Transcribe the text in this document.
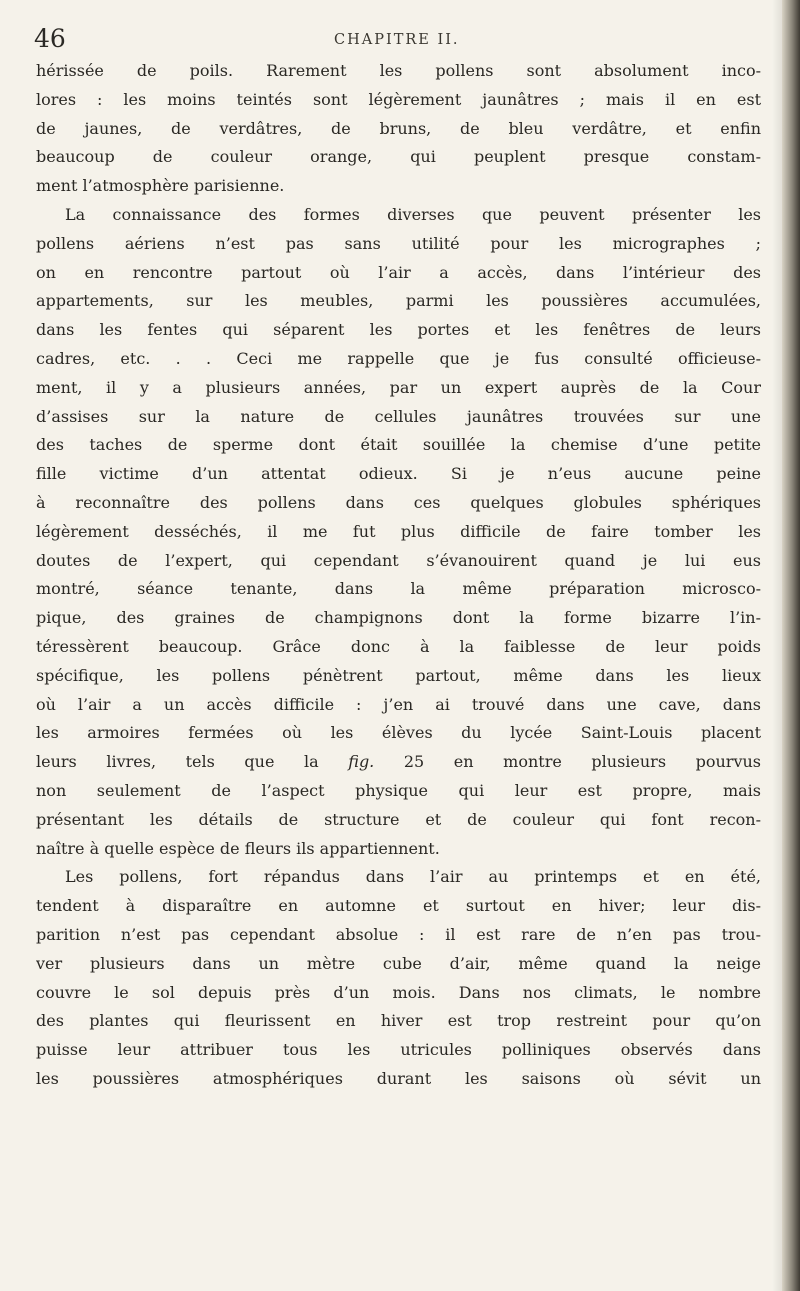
46	CHAPITRE II.
hérissée de poils. Rarement les pollens sont absolument inco-
lores : les moins teintés sont légèrement jaunâtres ; mais il en est
de jaunes, de verdâtres, de bruns, de bleu verdâtre, et enfin
beaucoup de couleur orange, qui peuplent presque constam-
ment l’atmosphère parisienne.
La connaissance des formes diverses que peuvent présenter les
pollens aériens n’est pas sans utilité pour les micrographes ;
on en rencontre partout où l’air a accès, dans l’intérieur des
appartements, sur les meubles, parmi les poussières accumulées,
dans les fentes qui séparent les portes et les fenêtres de leurs
cadres, etc. . . Ceci me rappelle que je fus consulté officieuse-
ment, il y a plusieurs années, par un expert auprès de la Cour
d’assises sur la nature de cellules jaunâtres trouvées sur une
des taches de sperme dont était souillée la chemise d’une petite
fille victime d’un attentat odieux. Si je n’eus aucune peine
à reconnaître des pollens dans ces quelques globules sphériques
légèrement desséchés, il me fut plus difficile de faire tomber les
doutes de l’expert, qui cependant s’évanouirent quand je lui eus
montré, séance tenante, dans la même préparation microsco-
pique, des graines de champignons dont la forme bizarre l’in-
téressèrent beaucoup. Grâce donc à la faiblesse de leur poids
spécifique, les pollens pénètrent partout, même dans les lieux
où l’air a un accès difficile : j’en ai trouvé dans une cave, dans
les armoires fermées où les élèves du lycée Saint-Louis placent
leurs livres, tels que la fig. 25 en montre plusieurs pourvus
non seulement de l’aspect physique qui leur est propre, mais
présentant les détails de structure et de couleur qui font recon-
naître à quelle espèce de fleurs ils appartiennent.
Les pollens, fort répandus dans l’air au printemps et en été,
tendent à disparaître en automne et surtout en hiver; leur dis-
parition n’est pas cependant absolue : il est rare de n’en pas trou-
ver plusieurs dans un mètre cube d’air, même quand la neige
couvre le sol depuis près d’un mois. Dans nos climats, le nombre
des plantes qui fleurissent en hiver est trop restreint pour qu’on
puisse leur attribuer tous les utricules polliniques observés dans
les poussières atmosphériques durant les saisons où sévit un
